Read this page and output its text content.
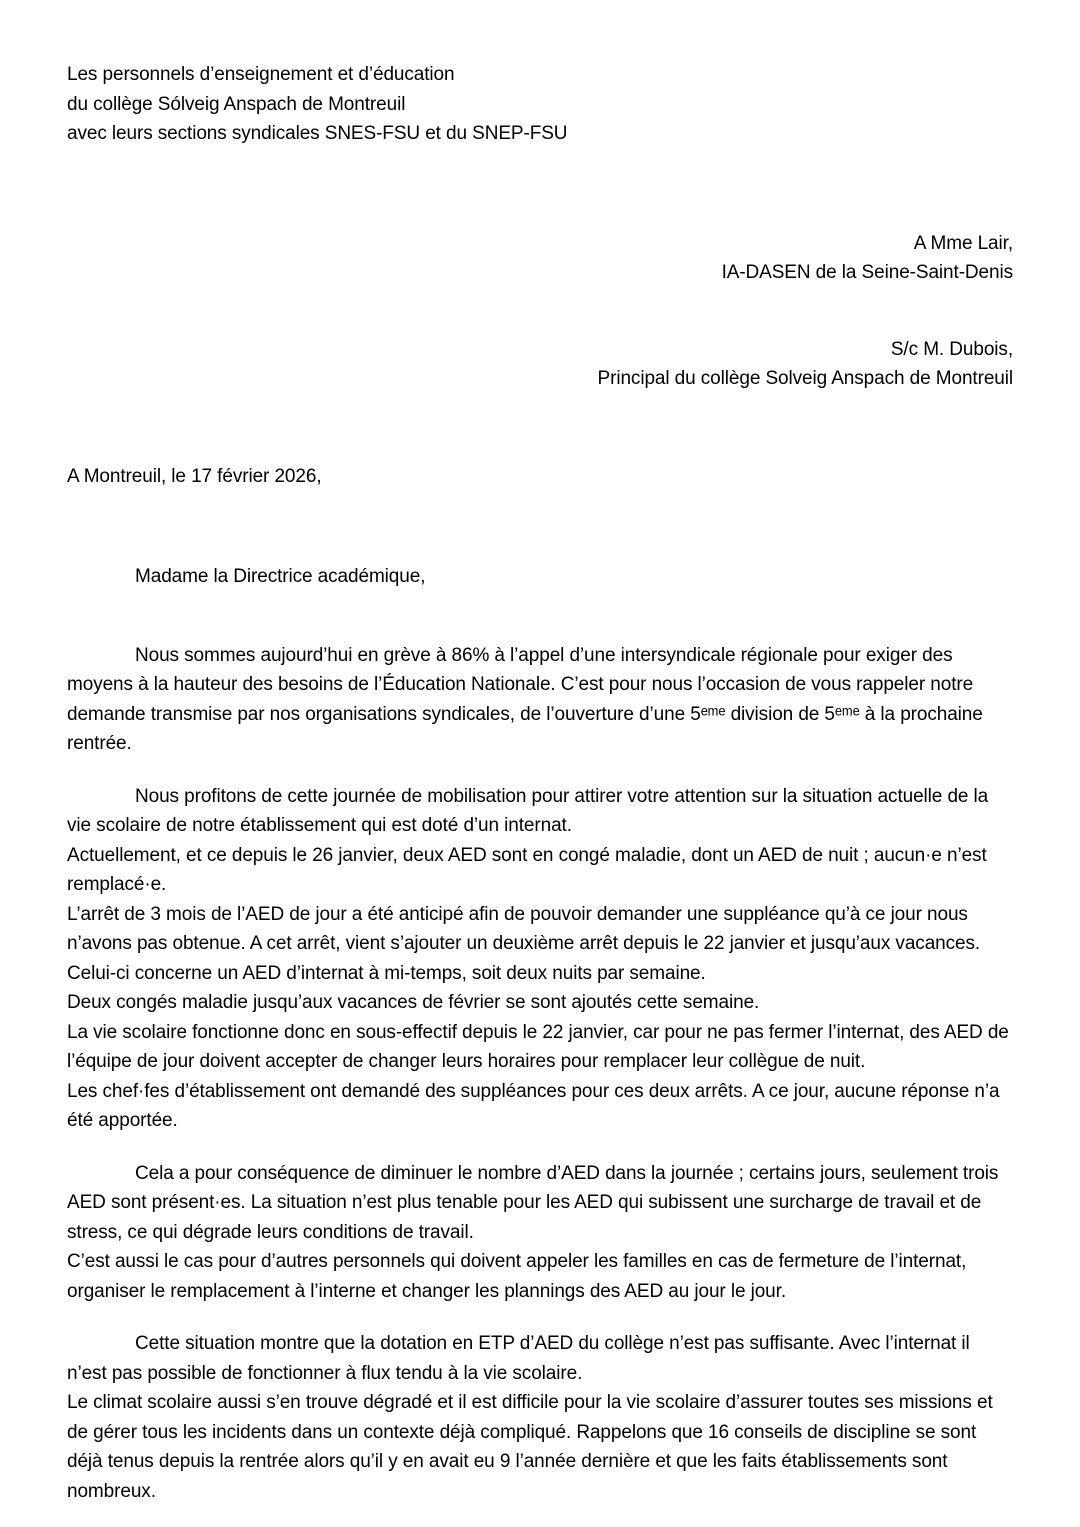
Les personnels d’enseignement et d’éducation
du collège Sólveig Anspach de Montreuil
avec leurs sections syndicales SNES-FSU et du SNEP-FSU
A Mme Lair,
IA-DASEN de la Seine-Saint-Denis
S/c M. Dubois,
Principal du collège Solveig Anspach de Montreuil
A Montreuil, le 17 février 2026,
Madame la Directrice académique,

Nous sommes aujourd’hui en grève à 86% à l’appel d’une intersyndicale régionale pour exiger des moyens à la hauteur des besoins de l’Éducation Nationale. C’est pour nous l’occasion de vous rappeler notre demande transmise par nos organisations syndicales, de l’ouverture d’une 5ᵉᵐᵉ division de 5ᵉᵐᵉ à la prochaine rentrée.

Nous profitons de cette journée de mobilisation pour attirer votre attention sur la situation actuelle de la vie scolaire de notre établissement qui est doté d’un internat.

Actuellement, et ce depuis le 26 janvier, deux AED sont en congé maladie, dont un AED de nuit ; aucun·e n’est remplacé·e.

L’arrêt de 3 mois de l’AED de jour a été anticipé afin de pouvoir demander une suppléance qu’à ce jour nous n’avons pas obtenue. A cet arrêt, vient s’ajouter un deuxième arrêt depuis le 22 janvier et jusqu’aux vacances. Celui-ci concerne un AED d’internat à mi-temps, soit deux nuits par semaine.

Deux congés maladie jusqu’aux vacances de février se sont ajoutés cette semaine.

La vie scolaire fonctionne donc en sous-effectif depuis le 22 janvier, car pour ne pas fermer l’internat, des AED de l’équipe de jour doivent accepter de changer leurs horaires pour remplacer leur collègue de nuit.

Les chef·fes d’établissement ont demandé des suppléances pour ces deux arrêts. A ce jour, aucune réponse n’a été apportée.

Cela a pour conséquence de diminuer le nombre d’AED dans la journée ; certains jours, seulement trois AED sont présent·es. La situation n’est plus tenable pour les AED qui subissent une surcharge de travail et de stress, ce qui dégrade leurs conditions de travail.

C’est aussi le cas pour d’autres personnels qui doivent appeler les familles en cas de fermeture de l’internat, organiser le remplacement à l’interne et changer les plannings des AED au jour le jour.

Cette situation montre que la dotation en ETP d’AED du collège n’est pas suffisante. Avec l’internat il n’est pas possible de fonctionner à flux tendu à la vie scolaire.

Le climat scolaire aussi s’en trouve dégradé et il est difficile pour la vie scolaire d’assurer toutes ses missions et de gérer tous les incidents dans un contexte déjà compliqué. Rappelons que 16 conseils de discipline se sont déjà tenus depuis la rentrée alors qu’il y en avait eu 9 l’année dernière et que les faits établissements sont nombreux.
